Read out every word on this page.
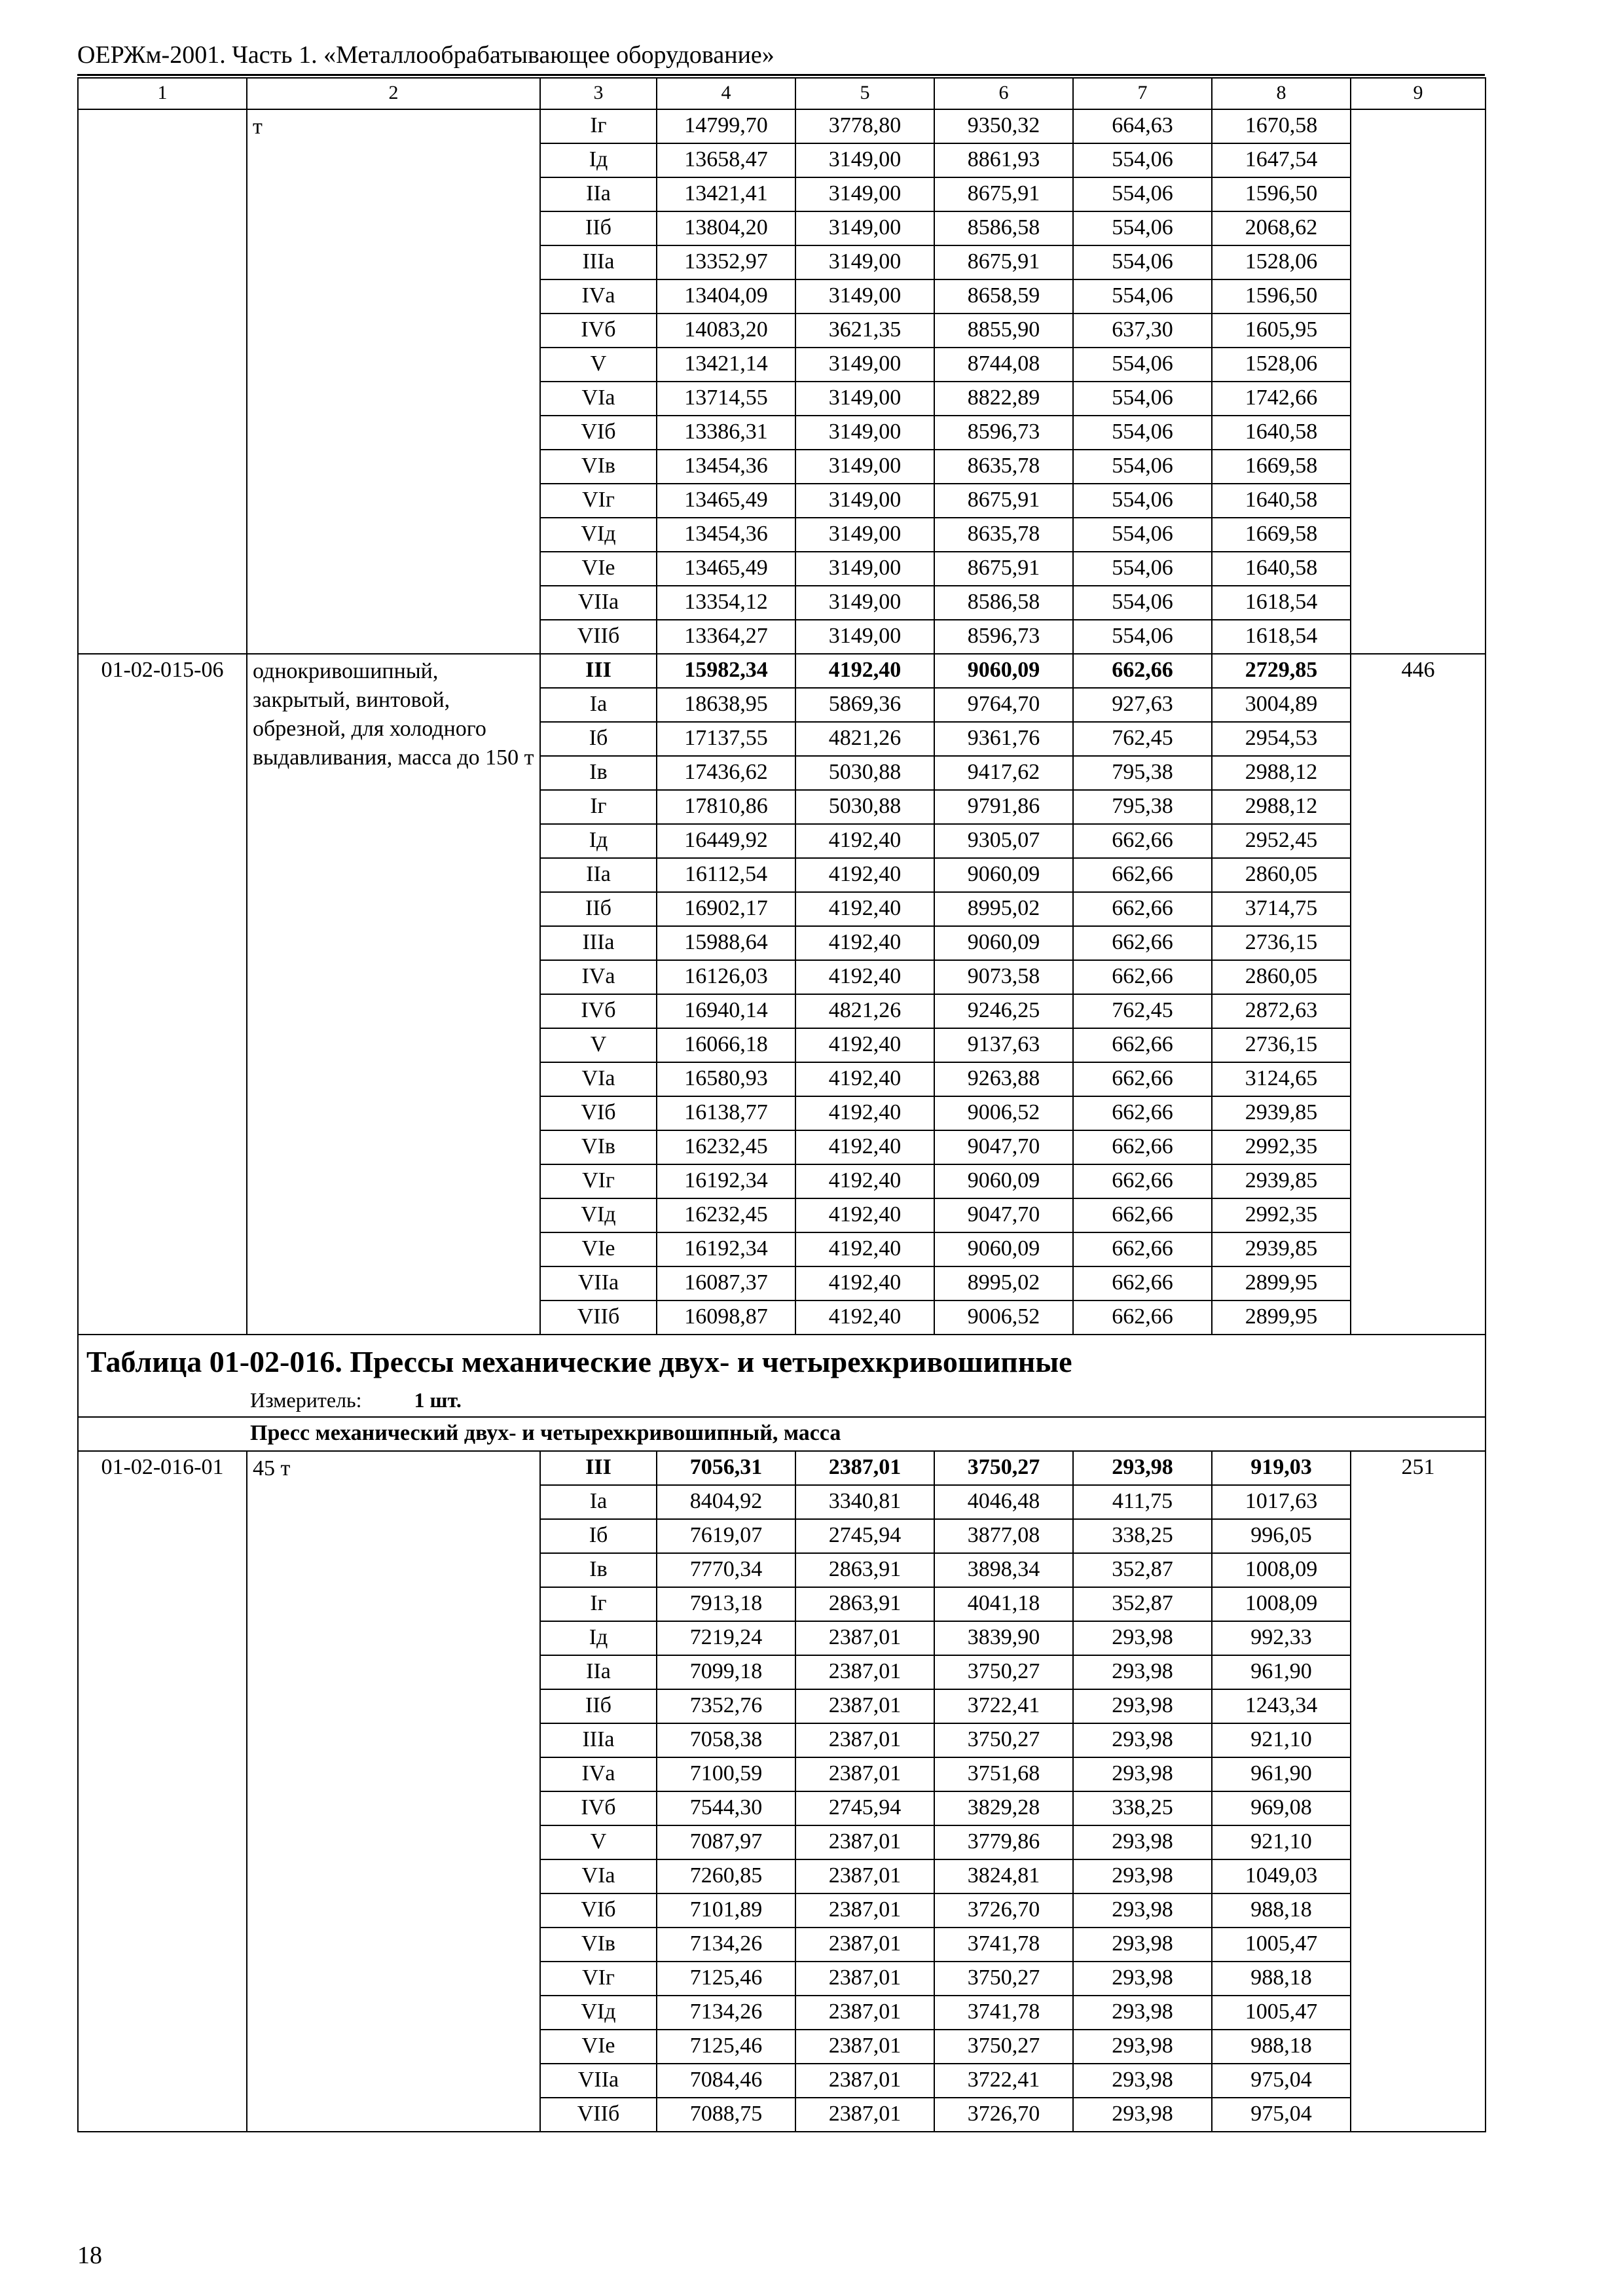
ОЕРЖм-2001. Часть 1. «Металлообрабатывающее оборудование»
1	2	3	4	5	6	7	8	9
	т	Iг	14799,70	3778,80	9350,32	664,63	1670,58	
		Iд	13658,47	3149,00	8861,93	554,06	1647,54	
		IIа	13421,41	3149,00	8675,91	554,06	1596,50	
		IIб	13804,20	3149,00	8586,58	554,06	2068,62	
		IIIа	13352,97	3149,00	8675,91	554,06	1528,06	
		IVа	13404,09	3149,00	8658,59	554,06	1596,50	
		IVб	14083,20	3621,35	8855,90	637,30	1605,95	
		V	13421,14	3149,00	8744,08	554,06	1528,06	
		VIа	13714,55	3149,00	8822,89	554,06	1742,66	
		VIб	13386,31	3149,00	8596,73	554,06	1640,58	
		VIв	13454,36	3149,00	8635,78	554,06	1669,58	
		VIг	13465,49	3149,00	8675,91	554,06	1640,58	
		VIд	13454,36	3149,00	8635,78	554,06	1669,58	
		VIе	13465,49	3149,00	8675,91	554,06	1640,58	
		VIIа	13354,12	3149,00	8586,58	554,06	1618,54	
		VIIб	13364,27	3149,00	8596,73	554,06	1618,54	
01-02-015-06	однокривошипный, закрытый, винтовой, обрезной, для холодного выдавливания, масса до 150 т	III	15982,34	4192,40	9060,09	662,66	2729,85	446
		Iа	18638,95	5869,36	9764,70	927,63	3004,89	
		Iб	17137,55	4821,26	9361,76	762,45	2954,53	
		Iв	17436,62	5030,88	9417,62	795,38	2988,12	
		Iг	17810,86	5030,88	9791,86	795,38	2988,12	
		Iд	16449,92	4192,40	9305,07	662,66	2952,45	
		IIа	16112,54	4192,40	9060,09	662,66	2860,05	
		IIб	16902,17	4192,40	8995,02	662,66	3714,75	
		IIIа	15988,64	4192,40	9060,09	662,66	2736,15	
		IVа	16126,03	4192,40	9073,58	662,66	2860,05	
		IVб	16940,14	4821,26	9246,25	762,45	2872,63	
		V	16066,18	4192,40	9137,63	662,66	2736,15	
		VIа	16580,93	4192,40	9263,88	662,66	3124,65	
		VIб	16138,77	4192,40	9006,52	662,66	2939,85	
		VIв	16232,45	4192,40	9047,70	662,66	2992,35	
		VIг	16192,34	4192,40	9060,09	662,66	2939,85	
		VIд	16232,45	4192,40	9047,70	662,66	2992,35	
		VIе	16192,34	4192,40	9060,09	662,66	2939,85	
		VIIа	16087,37	4192,40	8995,02	662,66	2899,95	
		VIIб	16098,87	4192,40	9006,52	662,66	2899,95	

Таблица 01-02-016. Прессы механические двух- и четырехкривошипные
Измеритель: 1 шт.								

Пресс механический двух- и четырехкривошипный, масса								
01-02-016-01	45 т	III	7056,31	2387,01	3750,27	293,98	919,03	251
		Iа	8404,92	3340,81	4046,48	411,75	1017,63	
		Iб	7619,07	2745,94	3877,08	338,25	996,05	
		Iв	7770,34	2863,91	3898,34	352,87	1008,09	
		Iг	7913,18	2863,91	4041,18	352,87	1008,09	
		Iд	7219,24	2387,01	3839,90	293,98	992,33	
		IIа	7099,18	2387,01	3750,27	293,98	961,90	
		IIб	7352,76	2387,01	3722,41	293,98	1243,34	
		IIIа	7058,38	2387,01	3750,27	293,98	921,10	
		IVа	7100,59	2387,01	3751,68	293,98	961,90	
		IVб	7544,30	2745,94	3829,28	338,25	969,08	
		V	7087,97	2387,01	3779,86	293,98	921,10	
		VIа	7260,85	2387,01	3824,81	293,98	1049,03	
		VIб	7101,89	2387,01	3726,70	293,98	988,18	
		VIв	7134,26	2387,01	3741,78	293,98	1005,47	
		VIг	7125,46	2387,01	3750,27	293,98	988,18	
		VIд	7134,26	2387,01	3741,78	293,98	1005,47	
		VIе	7125,46	2387,01	3750,27	293,98	988,18	
		VIIа	7084,46	2387,01	3722,41	293,98	975,04	
		VIIб	7088,75	2387,01	3726,70	293,98	975,04	
18
